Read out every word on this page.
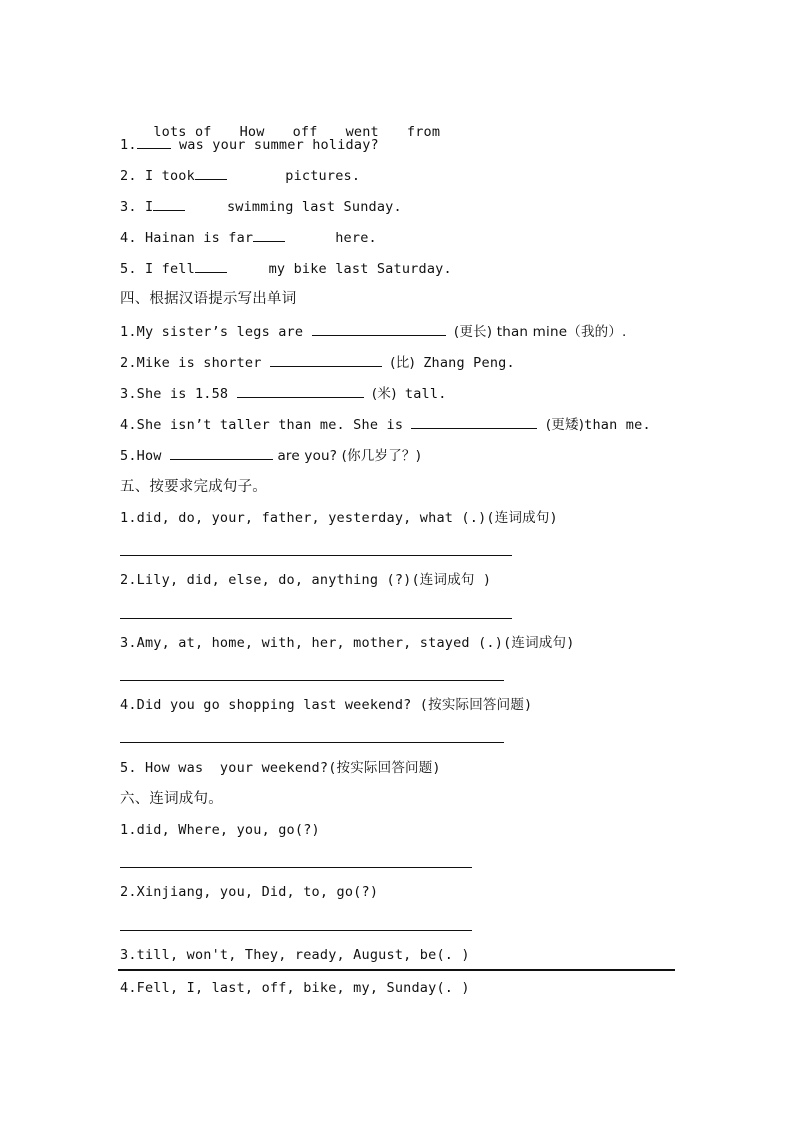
lots of How off went from

1.	was your summer holiday?
2. I took       pictures.
3. I     swimming last Sunday.
4. Hainan is far      here.
5. I fell     my bike last Saturday.
四、根据汉语提示写出单词
1.My sister’s legs are	(更长) than mine（我的）.
2.Mike is shorter	(比) Zhang Peng.
3.She is 1.58	(米) tall.
4.She isn’t taller than me. She is	(更矮)than me.
5.How	are you? (你几岁了？)
五、按要求完成句子。
1.did, do, your, father, yesterday, what (.)(连词成句)
2.Lily, did, else, do, anything (?)(连词成句 )
3.Amy, at, home, with, her, mother, stayed (.)(连词成句)
4.Did you go shopping last weekend? (按实际回答问题)
5. How was  your weekend?(按实际回答问题)
六、连词成句。
1.did, Where, you, go(?)
2.Xinjiang, you, Did, to, go(?)
3.till, won't, They, ready, August, be(. )
4.Fell, I, last, off, bike, my, Sunday(. )
